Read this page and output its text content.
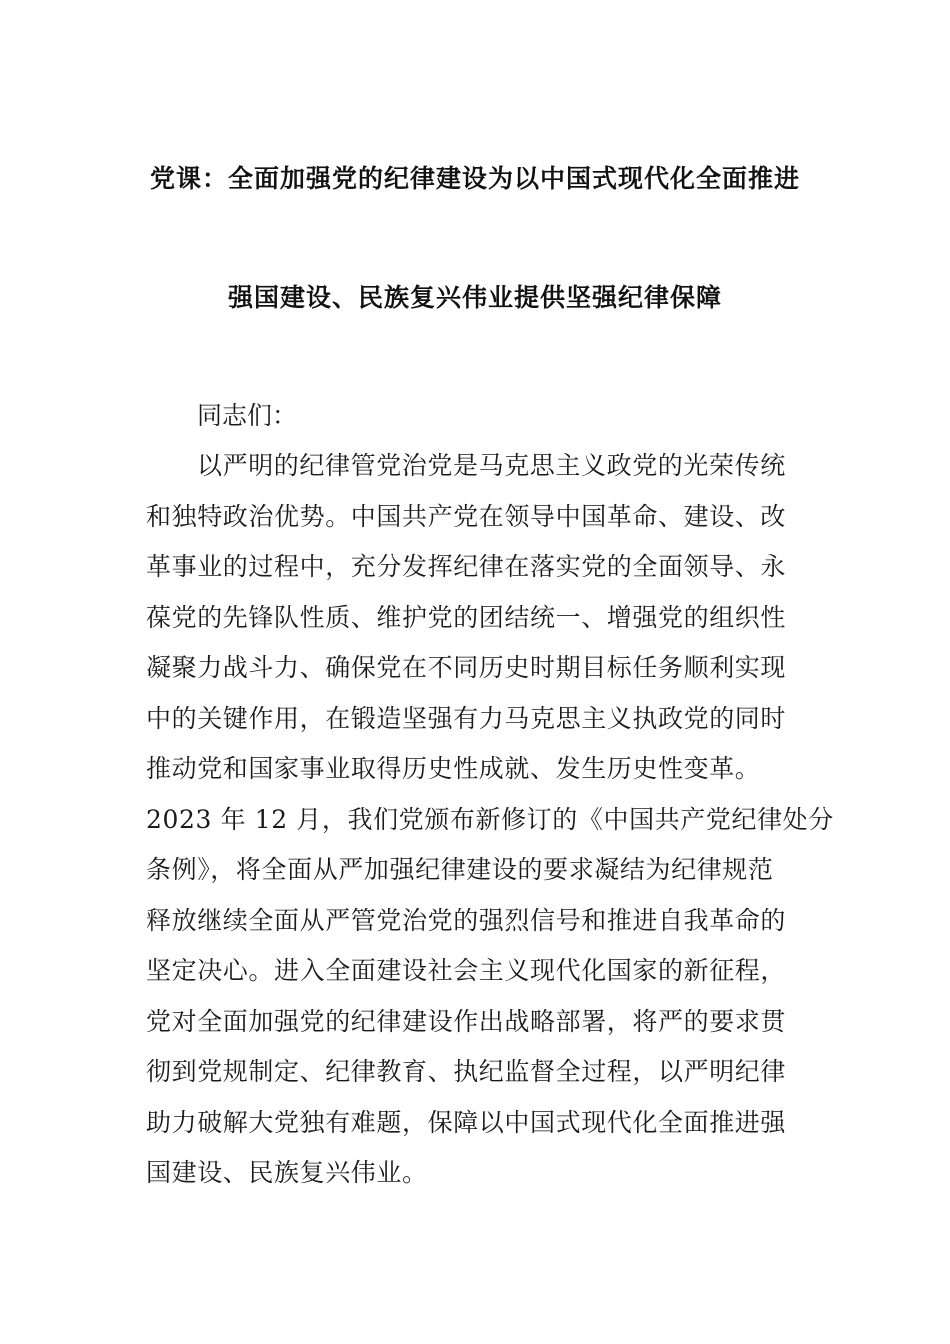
党课：全面加强党的纪律建设为以中国式现代化全面推进
强国建设、民族复兴伟业提供坚强纪律保障
同志们：
以严明的纪律管党治党是马克思主义政党的光荣传统
和独特政治优势。中国共产党在领导中国革命、建设、改
革事业的过程中，充分发挥纪律在落实党的全面领导、永
葆党的先锋队性质、维护党的团结统一、增强党的组织性
凝聚力战斗力、确保党在不同历史时期目标任务顺利实现
中的关键作用，在锻造坚强有力马克思主义执政党的同时
推动党和国家事业取得历史性成就、发生历史性变革。
2023 年 12 月，我们党颁布新修订的《中国共产党纪律处分
条例》，将全面从严加强纪律建设的要求凝结为纪律规范
释放继续全面从严管党治党的强烈信号和推进自我革命的
坚定决心。进入全面建设社会主义现代化国家的新征程，
党对全面加强党的纪律建设作出战略部署，将严的要求贯
彻到党规制定、纪律教育、执纪监督全过程，以严明纪律
助力破解大党独有难题，保障以中国式现代化全面推进强
国建设、民族复兴伟业。
